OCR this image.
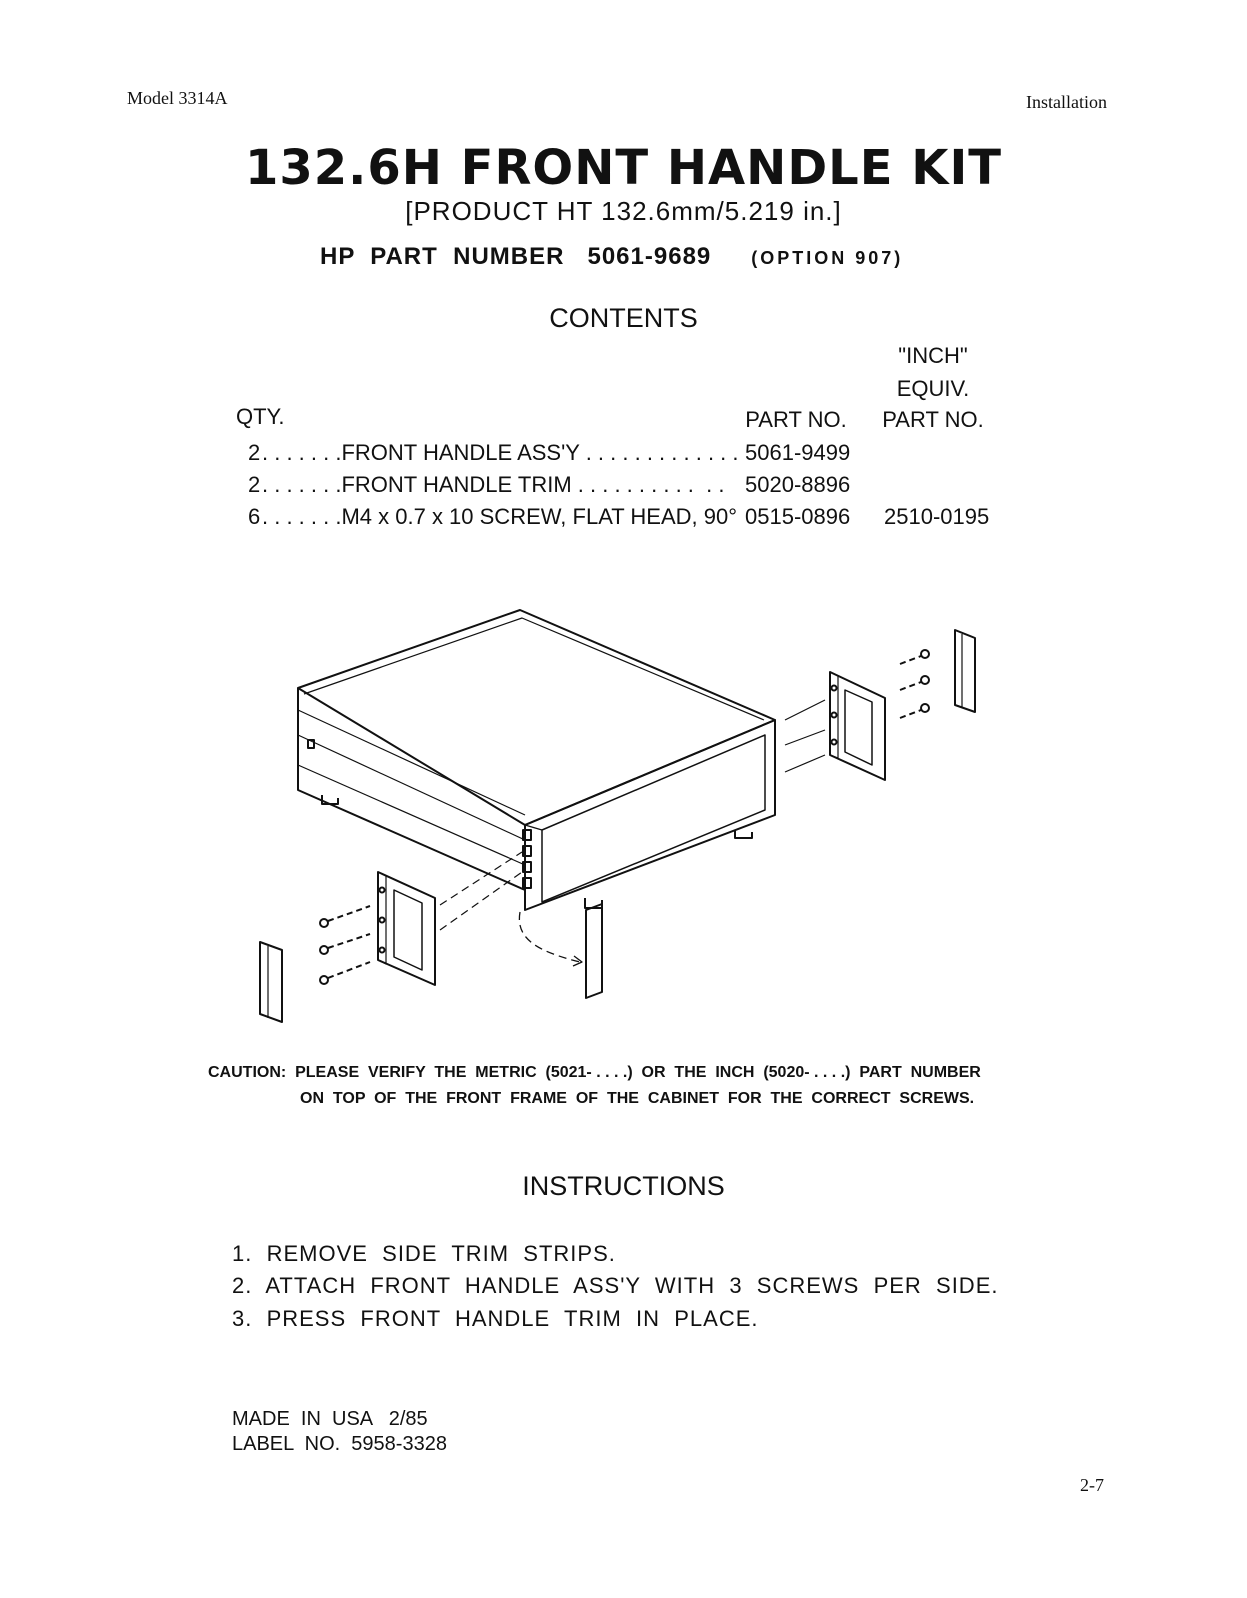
Model 3314A	Installation
132.6H FRONT HANDLE KIT
[PRODUCT HT 132.6mm/5.219 in.]
HP  PART  NUMBER 5061-9689 (OPTION 907)
CONTENTS
"INCH"
EQUIV.
PART NO.
PART NO.
QTY.
2 . . . . . . .FRONT HANDLE ASS'Y . . . . . . . . . . . . . 5061-9499
2 . . . . . . .FRONT HANDLE TRIM . . . . . . . . . .  . . 5020-8896
6 . . . . . . .M4 x 0.7 x 10 SCREW, FLAT HEAD, 90° 0515-0896 2510-0195
CAUTION:  PLEASE  VERIFY  THE  METRIC  (5021- . . . .)  OR  THE  INCH  (5020- . . . .)  PART  NUMBER
ON  TOP  OF  THE  FRONT  FRAME  OF  THE  CABINET  FOR  THE  CORRECT  SCREWS.
INSTRUCTIONS
1.  REMOVE  SIDE  TRIM  STRIPS.
2.  ATTACH  FRONT  HANDLE  ASS'Y  WITH  3  SCREWS  PER  SIDE.
3.  PRESS  FRONT  HANDLE  TRIM  IN  PLACE.
MADE  IN  USA   2/85
LABEL  NO.  5958-3328
2-7
